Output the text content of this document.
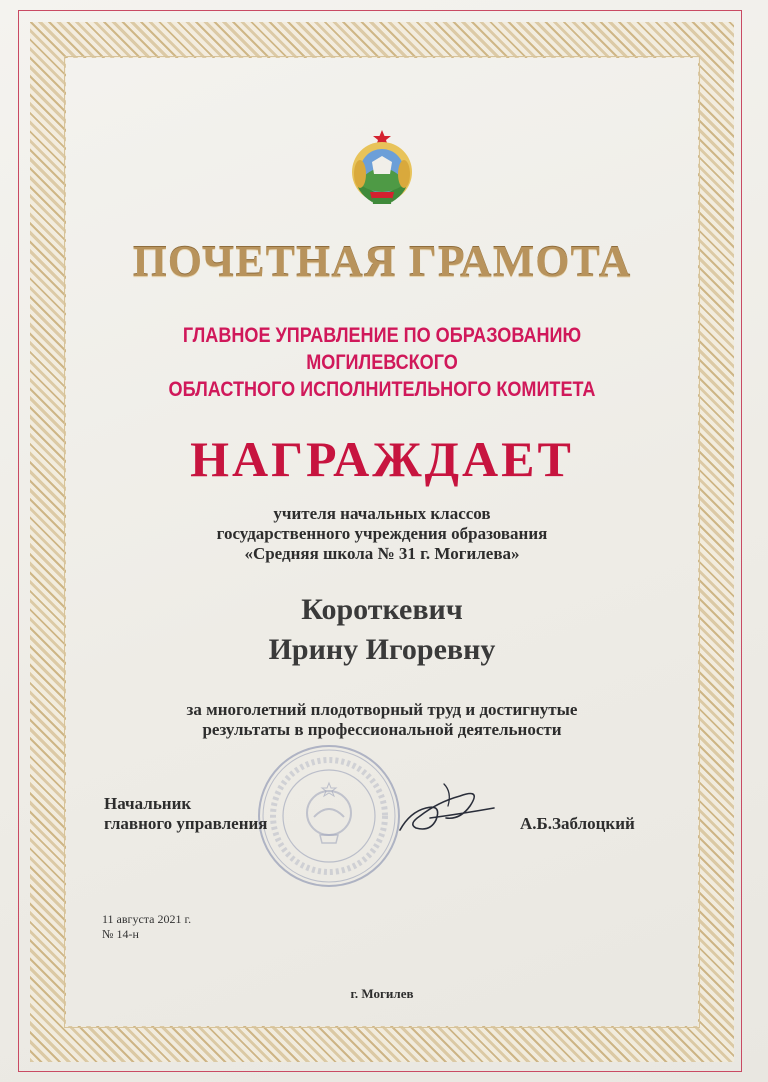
ПОЧЕТНАЯ ГРАМОТА
ГЛАВНОЕ УПРАВЛЕНИЕ ПО ОБРАЗОВАНИЮ
МОГИЛЕВСКОГО
ОБЛАСТНОГО ИСПОЛНИТЕЛЬНОГО КОМИТЕТА
НАГРАЖДАЕТ
учителя начальных классов
государственного учреждения образования
«Средняя школа № 31 г. Могилева»
Короткевич
Ирину Игоревну
за многолетний плодотворный труд и достигнутые
результаты в профессиональной деятельности
Начальник
главного управления	А.Б.Заблоцкий
11 августа 2021 г.
№ 14-н
г. Могилев
